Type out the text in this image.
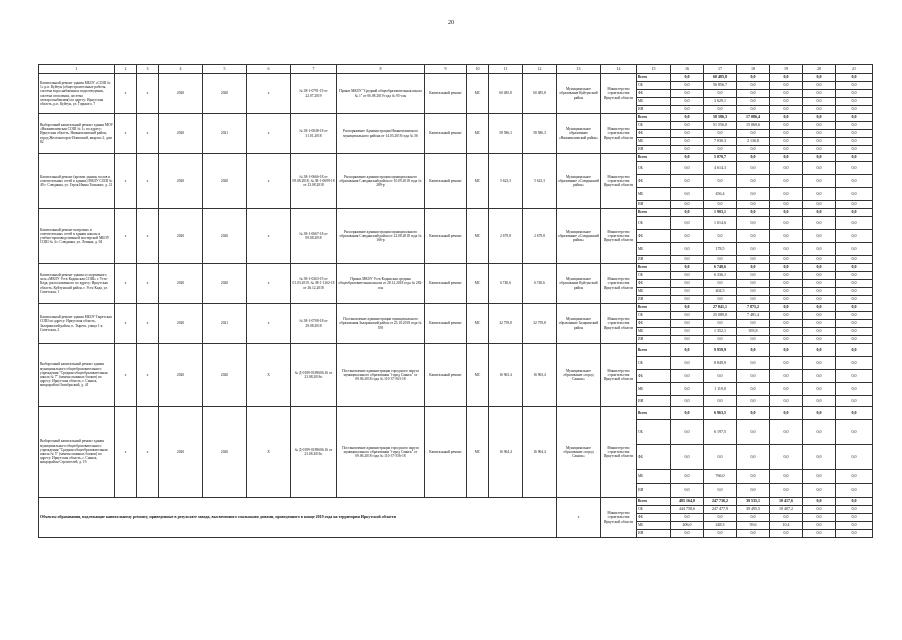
20
1	2	3	4	5	6	7	8	9	10	11	12	13	14	15	16	17	18	19	20	21
Капитальный ремонт здания МБОУ «СОШ № 1» р.п. Куйтун (общестроительные работы, система водоснабжения и водоотведения, система отопления, система электроснабжения) по адресу: Иркутская область, р.п. Куйтун, ул. Горького, 7	х	х	2020	2020	х	№ 38-1-0791-19 от 22.07.2019	Приказ МКОУ "Средний общеобразовательная школа № 1" от 06.08.2019 года № 95-осн	Капитальный ремонт	МС	60 485,8	60 485,8	Муниципальное образование Куйтунский район	Министерство строительства Иркутской области	Всего	0,0	60 485,8	0,0	0,0	0,0	0,0
														ОБ	0,0	56 856,7	0,0	0,0	0,0	0,0
														ФБ	0,0	0,0	0,0	0,0	0,0	0,0
														МБ	0,0	3 629,1	0,0	0,0	0,0	0,0
														ИИ	0,0	0,0	0,0	0,0	0,0	0,0
Выборочный капитальный ремонт здания МОУ «Нижнеилимская СОШ № 1» по адресу: Иркутская область, Нижнеилимский район, город Железногорск-Илимский, квартал 2, дом 82	х	х	2020	2021	х	№ 38-1-0048-18 от 31.01.2018	Распоряжение Администрации Нижнеилимского муниципального района от 14.03.2018 года № 56	Капитальный ремонт	МС	58 586,3	58 586,3	Муниципальное образование «Нижнеилимский район»	Министерство строительства Иркутской области	Всего	0,0	58 586,3	17 086,4	0,0	0,0	0,0
														ОБ	0,0	51 556,0	15 069,6	0,0	0,0	0,0
														ФБ	0,0	0,0	0,0	0,0	0,0	0,0
														МБ	0,0	7 030,3	2 136,8	0,0	0,0	0,0
														ИИ	0,0	0,0	0,0	0,0	0,0	0,0
Капитальный ремонт (кровли здания, полов и осветительных сетей в здании) МБОУ СОШ № 49 г. Слюдянка, ул. Героя Ивана Тонконог, д. 21	х	х	2020	2020	х	№ 38-1-0666-18 от 09.08.2018, № 38-1-0699-18 от 23.08.2018	Распоряжение администрации муниципального образования Слюдянский район от 10.09.2018 года № 289-р	Капитальный ремонт	МС	5 623,3	5 623,3	Муниципальное образование «Слюдянский район»	Министерство строительства Иркутской области	Всего	0,0	5 070,7	0,0	0,0	0,0	0,0
														ОБ	0,0	4 614,3	0,0	0,0	0,0	0,0
														ФБ	0,0	0,0	0,0	0,0	0,0	0,0
														МБ	0,0	456,4	0,0	0,0	0,0	0,0
														ИИ	0,0	0,0	0,0	0,0	0,0	0,0
Капитальный ремонт шатровых и осветительных сетей в здании школы и учебно-производственной мастерской МБОУ СОШ № 4 г. Слюдянка, ул. Ленина, д. 94	х	х	2020	2020	х	№ 38-1-0667-18 от 09.08.2018	Распоряжение администрации муниципального образования Слюдянский район от 22.08.2018 года № 166-р	Капитальный ремонт	МС	2 679,8	2 679,8	Муниципальное образование «Слюдянский район»	Министерство строительства Иркутской области	Всего	0,0	1 903,1	0,0	0,0	0,0	0,0
														ОБ	0,0	1 014,6	0,0	0,0	0,0	0,0
														ФБ	0,0	0,0	0,0	0,0	0,0	0,0
														МБ	0,0	178,5	0,0	0,0	0,0	0,0
														ИИ	0,0	0,0	0,0	0,0	0,0	0,0
Капитальный ремонт здания и спортивного зала «МКОУ Усть-Кадинская СОШ» г. Усть-Када, расположенного по адресу: Иркутская область, Куйтунский район, г. Усть-Када, ул. Советская, 1	х	х	2020	2020	х	№ 38-1-0263-19 от 01.03.2019, № 38-1-1162-18 от 26.12.2018	Приказ МКОУ Усть-Кадинская средняя общеобразовательная школа от 28.12.2018 года № 282-осн	Капитальный ремонт	МС	6 740,6	6 740,6	Муниципальное образование Куйтунский район	Министерство строительства Иркутской области	Всего	0,0	6 740,6	0,0	0,0	0,0	0,0
														ОБ	0,0	6 336,1	0,0	0,0	0,0	0,0
														ФБ	0,0	0,0	0,0	0,0	0,0	0,0
														МБ	0,0	404,5	0,0	0,0	0,0	0,0
														ИИ	0,0	0,0	0,0	0,0	0,0	0,0
Капитальный ремонт здания МБОУ Тыретская СОШ по адресу: Иркутская область, Заларинский район, п. Тыреть, улица 1-я Советская, 2	х	х	2020	2021	х	№ 38-1-0708-18 от 29.08.2018	Постановление администрации муниципального образования Заларинский район от 23.10.2018 года № 595	Капитальный ремонт	МС	32 759,8	32 759,8	Муниципальное образование Заларинский район	Министерство строительства Иркутской области	Всего	0,0	27 041,1	7 875,2	0,0	0,0	0,0
														ОБ	0,0	25 089,0	7 481,4	0,0	0,0	0,0
														ФБ	0,0	0,0	0,0	0,0	0,0	0,0
														МБ	0,0	1 352,1	393,8	0,0	0,0	0,0
														ИИ	0,0	0,0	0,0	0,0	0,0	0,0
Выборочный капитальный ремонт здания муниципального общеобразовательного учреждения "Средняя общеобразовательная школа № 7" (замена оконных блоков) по адресу: Иркутская область, г. Саянск, микрорайон Октябрьский, д. 41	х	х	2020	2020	Х	№ Д-0189-0189606.16 от 23.08.2016г.	Постановление администрации городского округа муниципального образования "город Саянск" от 09.06.2018 года № 110-37-563-18	Капитальный ремонт	МС	16 963,4	16 963,4	Муниципальное образование «город Саянск»	Министерство строительства Иркутской области	Всего	0,0	9 959,9	0,0	0,0	0,0	0,0
														ОБ	0,0	8 849,9	0,0	0,0	0,0	0,0
														ФБ	0,0	0,0	0,0	0,0	0,0	0,0
														МБ	0,0	1 110,0	0,0	0,0	0,0	0,0
														ИИ	0,0	0,0	0,0	0,0	0,0	0,0
Выборочный капитальный ремонт здания муниципального общеобразовательного учреждения "Средняя общеобразовательная школа № 5" (замена оконных блоков) по адресу: Иркутская область, г. Саянск, микрорайон Строителей, д. 19	х	х	2020	2020	Х	№ Д-0189-0189606.16 от 23.08.2016г.	Постановление администрации городского округа муниципального образования "город Саянск" от 09.06.2018 года № 110-37-556-18	Капитальный ремонт	МС	16 964,4	16 964,4	Муниципальное образование «город Саянск»	Министерство строительства Иркутской области	Всего	0,0	6 963,5	0,0	0,0	0,0	0,0
														ОБ	0,0	6 197,5	0,0	0,0	0,0	0,0
														ФБ	0,0	0,0	0,0	0,0	0,0	0,0
														МБ	0,0	766,0	0,0	0,0	0,0	0,0
														ИИ	0,0	0,0	0,0	0,0	0,0	0,0
Объекты образования, подлежащие капитальному ремонту, приведенные в результате завода, высвеченного спальными домами, проведенного в конце 2019 года на территории Иркутской области												х	Министерство строительства Иркутской области	Всего	485 164,0	247 736,2	39 535,1	10 417,6	0,0	0,0
														ОБ	444 758,6	247 477,9	39 495,5	10 407,2	0,0	0,0
														ФБ	0,0	0,0	0,0	0,0	0,0	0,0
														МБ	406,0	248,3	39,6	10,4	0,0	0,0
														ИИ	0,0	0,0	0,0	0,0	0,0	0,0
